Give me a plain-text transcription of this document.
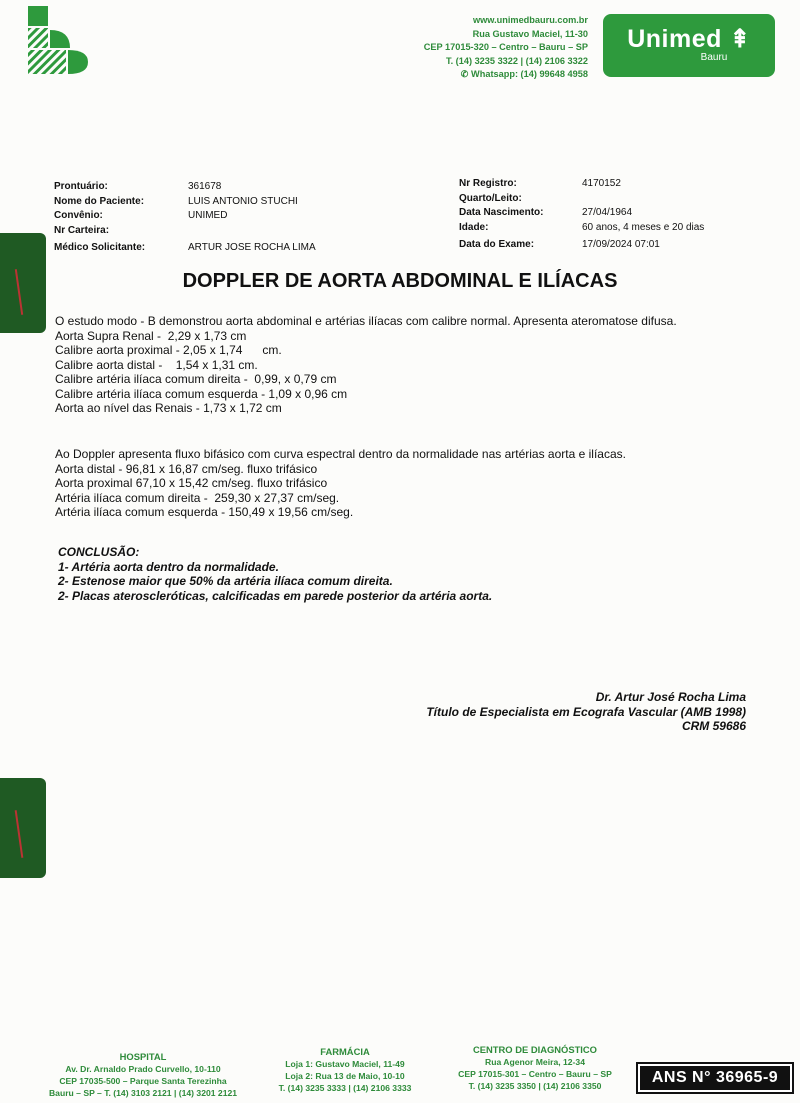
www.unimedbauru.com.br
Rua Gustavo Maciel, 11-30
CEP 17015-320 – Centro – Bauru – SP
T. (14) 3235 3322 | (14) 2106 3322
✆ Whatsapp: (14) 99648 4958
Unimed ⇞
Bauru
Prontuário:	361678
Nome do Paciente:	LUIS ANTONIO STUCHI
Convênio:	UNIMED
Nr Carteira:
Médico Solicitante:	ARTUR JOSE ROCHA LIMA
Nr Registro:	4170152
Quarto/Leito:
Data Nascimento:	27/04/1964
Idade:	60 anos, 4 meses e 20 dias
Data do Exame:	17/09/2024 07:01
DOPPLER DE AORTA ABDOMINAL E ILÍACAS
O estudo modo - B demonstrou aorta abdominal e artérias ilíacas com calibre normal. Apresenta ateromatose difusa.
Aorta Supra Renal -  2,29 x 1,73 cm
Calibre aorta proximal - 2,05 x 1,74      cm.
Calibre aorta distal -    1,54 x 1,31 cm.
Calibre artéria ilíaca comum direita -  0,99, x 0,79 cm
Calibre artéria ilíaca comum esquerda - 1,09 x 0,96 cm
Aorta ao nível das Renais - 1,73 x 1,72 cm
Ao Doppler apresenta fluxo bifásico com curva espectral dentro da normalidade nas artérias aorta e ilíacas.
Aorta distal - 96,81 x 16,87 cm/seg. fluxo trifásico
Aorta proximal 67,10 x 15,42 cm/seg. fluxo trifásico
Artéria ilíaca comum direita -  259,30 x 27,37 cm/seg.
Artéria ilíaca comum esquerda - 150,49 x 19,56 cm/seg.
CONCLUSÃO:
1- Artéria aorta dentro da normalidade.
2- Estenose maior que 50% da artéria ilíaca comum direita.
2- Placas ateroscleróticas, calcificadas em parede posterior da artéria aorta.
Dr. Artur José Rocha Lima
Título de Especialista em Ecografa Vascular (AMB 1998)
CRM 59686
HOSPITAL
Av. Dr. Arnaldo Prado Curvello, 10-110
CEP 17035-500 – Parque Santa Terezinha
Bauru – SP – T. (14) 3103 2121 | (14) 3201 2121
FARMÁCIA
Loja 1: Gustavo Maciel, 11-49
Loja 2: Rua 13 de Maio, 10-10
T. (14) 3235 3333 | (14) 2106 3333
CENTRO DE DIAGNÓSTICO
Rua Agenor Meira, 12-34
CEP 17015-301 – Centro – Bauru – SP
T. (14) 3235 3350 | (14) 2106 3350	ANS N° 36965-9
